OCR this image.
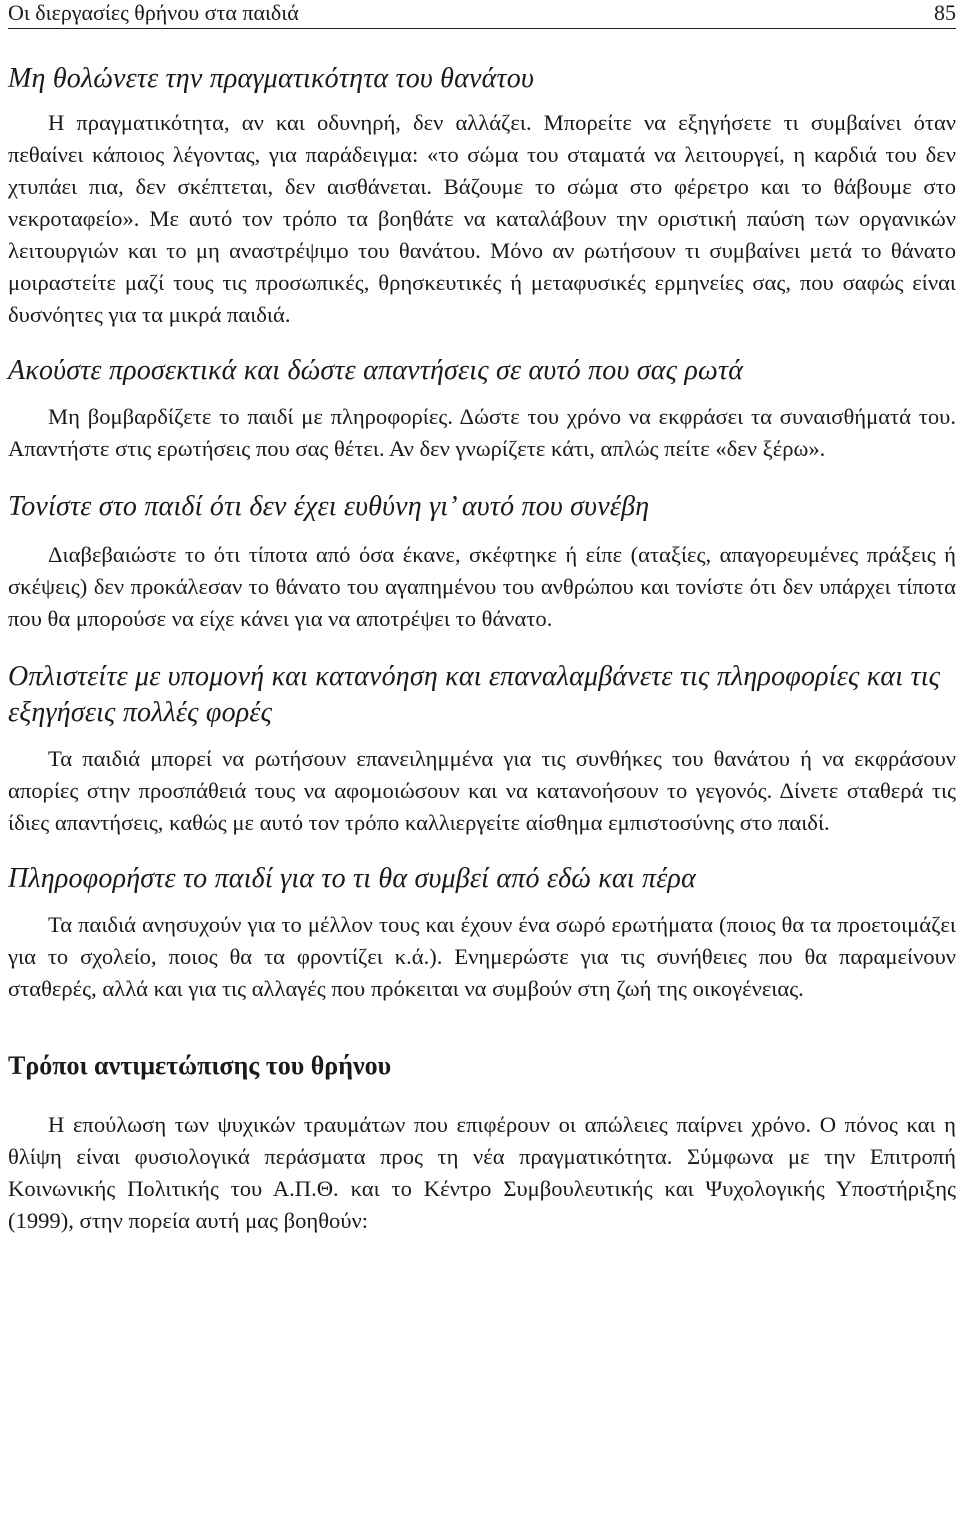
Οι διεργασίες θρήνου στα παιδιά	85
Μη θολώνετε την πραγματικότητα του θανάτου

Η πραγματικότητα, αν και οδυνηρή, δεν αλλάζει. Μπορείτε να εξηγήσετε τι συμβαίνει όταν πεθαίνει κάποιος λέγοντας, για παράδειγμα: «το σώμα του σταματά να λειτουργεί, η καρδιά του δεν χτυπάει πια, δεν σκέπτεται, δεν αισθάνεται. Βάζουμε το σώμα στο φέρετρο και το θάβουμε στο νεκροταφείο». Με αυτό τον τρόπο τα βοηθάτε να καταλάβουν την οριστική παύση των οργανικών λειτουργιών και το μη αναστρέψιμο του θανάτου. Μόνο αν ρωτήσουν τι συμβαίνει μετά το θάνατο μοιραστείτε μαζί τους τις προσωπικές, θρησκευτικές ή μεταφυσικές ερμηνείες σας, που σαφώς είναι δυσνόητες για τα μικρά παιδιά.

Ακούστε προσεκτικά και δώστε απαντήσεις σε αυτό που σας ρωτά

Μη βομβαρδίζετε το παιδί με πληροφορίες. Δώστε του χρόνο να εκφράσει τα συναισθήματά του. Απαντήστε στις ερωτήσεις που σας θέτει. Αν δεν γνωρίζετε κάτι, απλώς πείτε «δεν ξέρω».

Τονίστε στο παιδί ότι δεν έχει ευθύνη γι’ αυτό που συνέβη

Διαβεβαιώστε το ότι τίποτα από όσα έκανε, σκέφτηκε ή είπε (αταξίες, απαγορευμένες πράξεις ή σκέψεις) δεν προκάλεσαν το θάνατο του αγαπημένου του ανθρώπου και τονίστε ότι δεν υπάρχει τίποτα που θα μπορούσε να είχε κάνει για να αποτρέψει το θάνατο.

Οπλιστείτε με υπομονή και κατανόηση και επαναλαμβάνετε τις πληροφορίες και τις εξηγήσεις πολλές φορές

Τα παιδιά μπορεί να ρωτήσουν επανειλημμένα για τις συνθήκες του θανάτου ή να εκφράσουν απορίες στην προσπάθειά τους να αφομοιώσουν και να κατανοήσουν το γεγονός. Δίνετε σταθερά τις ίδιες απαντήσεις, καθώς με αυτό τον τρόπο καλλιεργείτε αίσθημα εμπιστοσύνης στο παιδί.

Πληροφορήστε το παιδί για το τι θα συμβεί από εδώ και πέρα

Τα παιδιά ανησυχούν για το μέλλον τους και έχουν ένα σωρό ερωτήματα (ποιος θα τα προετοιμάζει για το σχολείο, ποιος θα τα φροντίζει κ.ά.). Ενημερώστε για τις συνήθειες που θα παραμείνουν σταθερές, αλλά και για τις αλλαγές που πρόκειται να συμβούν στη ζωή της οικογένειας.

Τρόποι αντιμετώπισης του θρήνου

Η επούλωση των ψυχικών τραυμάτων που επιφέρουν οι απώλειες παίρνει χρόνο. Ο πόνος και η θλίψη είναι φυσιολογικά περάσματα προς τη νέα πραγματικότητα. Σύμφωνα με την Επιτροπή Κοινωνικής Πολιτικής του Α.Π.Θ. και το Κέντρο Συμβουλευτικής και Ψυχολογικής Υποστήριξης (1999), στην πορεία αυτή μας βοηθούν:
